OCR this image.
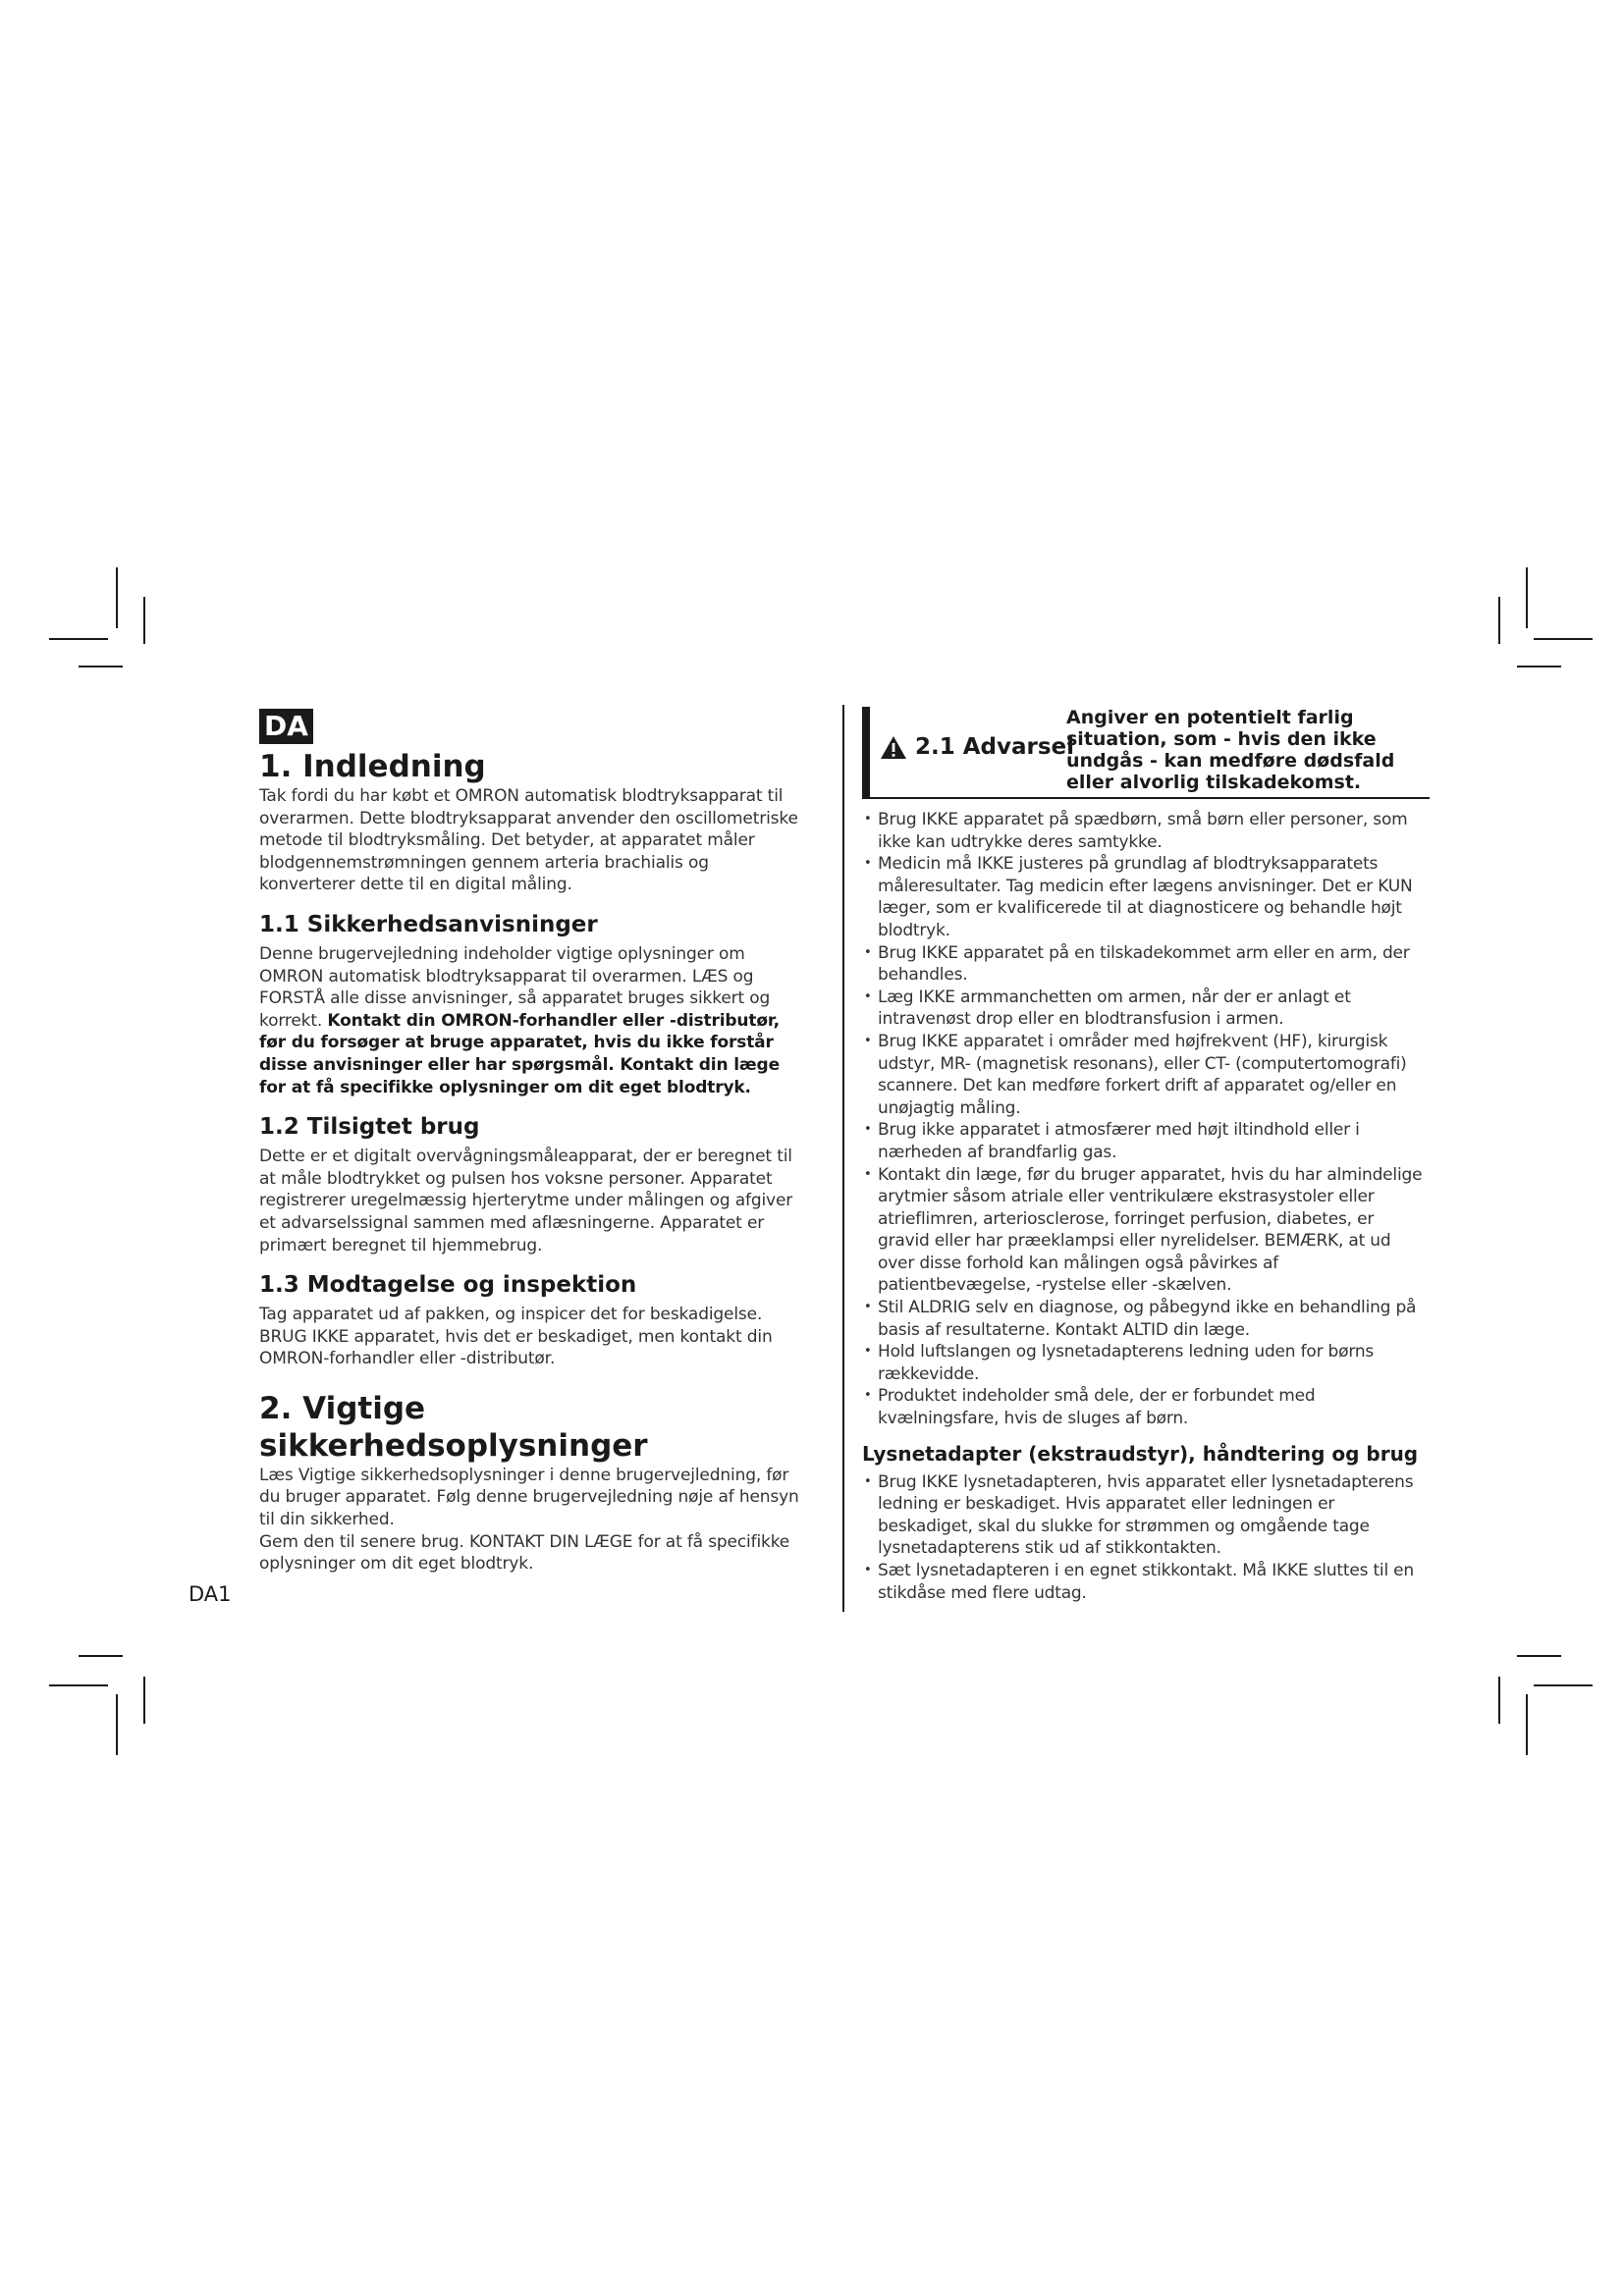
DA
1. Indledning

Tak fordi du har købt et OMRON automatisk blodtryksapparat til overarmen. Dette blodtryksapparat anvender den oscillometriske metode til blodtryksmåling. Det betyder, at apparatet måler blodgennemstrømningen gennem arteria brachialis og konverterer dette til en digital måling.

1.1 Sikkerhedsanvisninger

Denne brugervejledning indeholder vigtige oplysninger om OMRON automatisk blodtryksapparat til overarmen. LÆS og FORSTÅ alle disse anvisninger, så apparatet bruges sikkert og korrekt. Kontakt din OMRON-forhandler eller -distributør, før du forsøger at bruge apparatet, hvis du ikke forstår disse anvisninger eller har spørgsmål. Kontakt din læge for at få specifikke oplysninger om dit eget blodtryk.

1.2 Tilsigtet brug

Dette er et digitalt overvågningsmåleapparat, der er beregnet til at måle blodtrykket og pulsen hos voksne personer. Apparatet registrerer uregelmæssig hjerterytme under målingen og afgiver et advarselssignal sammen med aflæsningerne. Apparatet er primært beregnet til hjemmebrug.

1.3 Modtagelse og inspektion

Tag apparatet ud af pakken, og inspicer det for beskadigelse. BRUG IKKE apparatet, hvis det er beskadiget, men kontakt din OMRON-forhandler eller -distributør.

2. Vigtige sikkerhedsoplysninger

Læs Vigtige sikkerhedsoplysninger i denne brugervejledning, før du bruger apparatet. Følg denne brugervejledning nøje af hensyn til din sikkerhed.

Gem den til senere brug. KONTAKT DIN LÆGE for at få specifikke oplysninger om dit eget blodtryk.

2.1 Advarsel
Angiver en potentielt farlig situation, som - hvis den ikke undgås - kan medføre dødsfald eller alvorlig tilskadekomst.
• Brug IKKE apparatet på spædbørn, små børn eller personer, som ikke kan udtrykke deres samtykke.
• Medicin må IKKE justeres på grundlag af blodtryksapparatets måleresultater. Tag medicin efter lægens anvisninger. Det er KUN læger, som er kvalificerede til at diagnosticere og behandle højt blodtryk.
• Brug IKKE apparatet på en tilskadekommet arm eller en arm, der behandles.
• Læg IKKE armmanchetten om armen, når der er anlagt et intravenøst drop eller en blodtransfusion i armen.
• Brug IKKE apparatet i områder med højfrekvent (HF), kirurgisk udstyr, MR- (magnetisk resonans), eller CT- (computertomografi) scannere. Det kan medføre forkert drift af apparatet og/eller en unøjagtig måling.
• Brug ikke apparatet i atmosfærer med højt iltindhold eller i nærheden af brandfarlig gas.
• Kontakt din læge, før du bruger apparatet, hvis du har almindelige arytmier såsom atriale eller ventrikulære ekstrasystoler eller atrieflimren, arteriosclerose, forringet perfusion, diabetes, er gravid eller har præeklampsi eller nyrelidelser. BEMÆRK, at ud over disse forhold kan målingen også påvirkes af patientbevægelse, -rystelse eller -skælven.
• Stil ALDRIG selv en diagnose, og påbegynd ikke en behandling på basis af resultaterne. Kontakt ALTID din læge.
• Hold luftslangen og lysnetadapterens ledning uden for børns rækkevidde.
• Produktet indeholder små dele, der er forbundet med kvælningsfare, hvis de sluges af børn.
Lysnetadapter (ekstraudstyr), håndtering og brug
• Brug IKKE lysnetadapteren, hvis apparatet eller lysnetadapterens ledning er beskadiget. Hvis apparatet eller ledningen er beskadiget, skal du slukke for strømmen og omgående tage lysnetadapterens stik ud af stikkontakten.
• Sæt lysnetadapteren i en egnet stikkontakt. Må IKKE sluttes til en stikdåse med flere udtag.
DA1
